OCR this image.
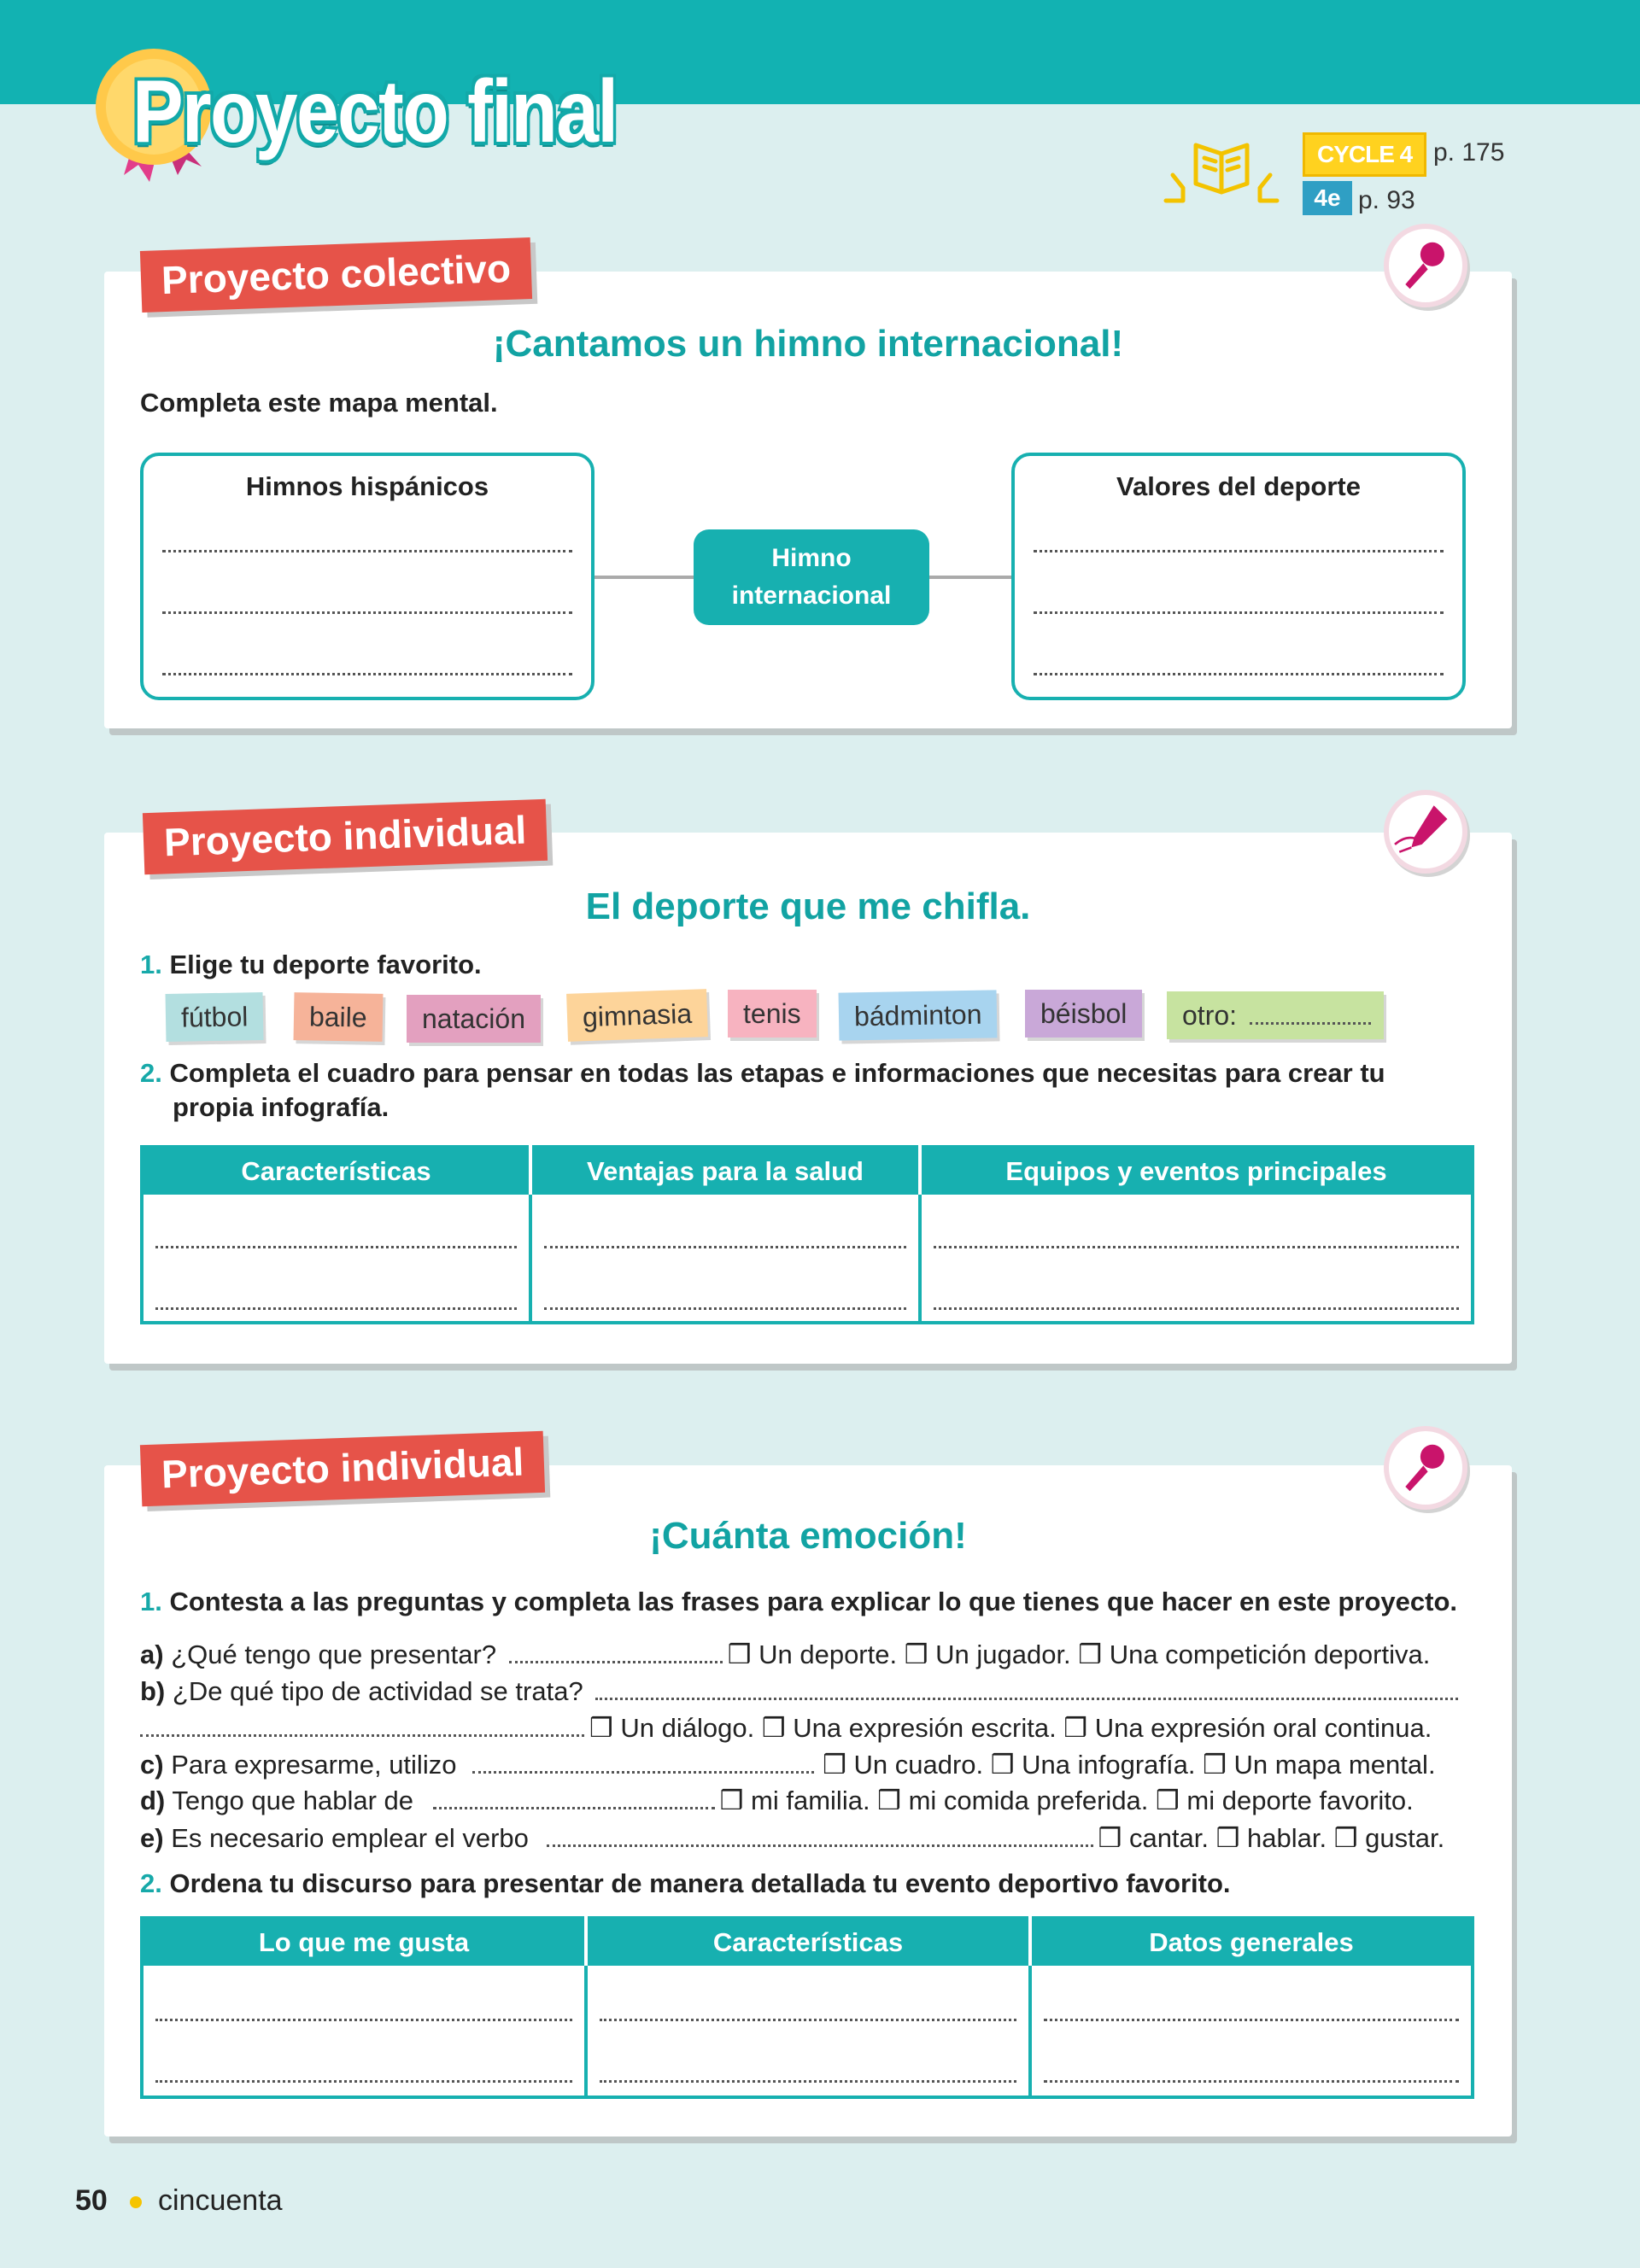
Proyecto final	CYCLE 4 p. 175
4e p. 93
¡Cantamos un himno internacional!
Completa este mapa mental.
Himnos hispánicos
Himno
internacional
Valores del deporte
Proyecto colectivo
El deporte que me chifla.
1. Elige tu deporte favorito.
fútbol	baile	natación	gimnasia	tenis	bádminton	béisbol	otro:
2. Completa el cuadro para pensar en todas las etapas e informaciones que necesitas para crear tu
propia infografía.
Características	Ventajas para la salud	Equipos y eventos principales

Proyecto individual
¡Cuánta emoción!
1. Contesta a las preguntas y completa las frases para explicar lo que tienes que hacer en este proyecto.
a) ¿Qué tengo que presentar?	❒ Un deporte. ❒ Un jugador. ❒ Una competición deportiva.
b) ¿De qué tipo de actividad se trata?
❒ Un diálogo. ❒ Una expresión escrita. ❒ Una expresión oral continua.
c) Para expresarme, utilizo	❒ Un cuadro. ❒ Una infografía. ❒ Un mapa mental.
d) Tengo que hablar de	❒ mi familia. ❒ mi comida preferida. ❒ mi deporte favorito.
e) Es necesario emplear el verbo	❒ cantar. ❒ hablar. ❒ gustar.
2. Ordena tu discurso para presentar de manera detallada tu evento deportivo favorito.
Lo que me gusta	Características	Datos generales

Proyecto individual
50 cincuenta
